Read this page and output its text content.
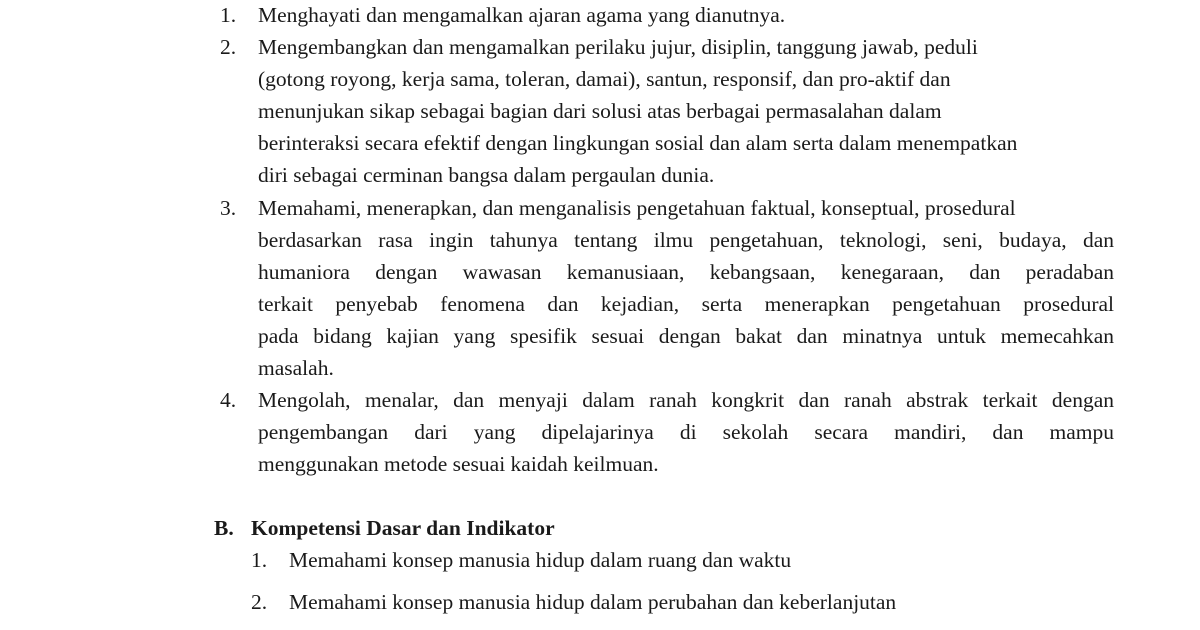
1. Menghayati dan mengamalkan ajaran agama yang dianutnya.
2. Mengembangkan dan mengamalkan perilaku jujur, disiplin, tanggung jawab, peduli
(gotong royong, kerja sama, toleran, damai), santun, responsif, dan pro-aktif dan
menunjukan sikap sebagai bagian dari solusi atas berbagai permasalahan dalam
berinteraksi secara efektif dengan lingkungan sosial dan alam serta dalam menempatkan
diri sebagai cerminan bangsa dalam pergaulan dunia.
3. Memahami, menerapkan, dan menganalisis pengetahuan faktual, konseptual, prosedural
berdasarkan rasa ingin tahunya tentang ilmu pengetahuan, teknologi, seni, budaya, dan
humaniora dengan wawasan kemanusiaan, kebangsaan, kenegaraan, dan peradaban
terkait penyebab fenomena dan kejadian, serta menerapkan pengetahuan prosedural
pada bidang kajian yang spesifik sesuai dengan bakat dan minatnya untuk memecahkan
masalah.
4. Mengolah, menalar, dan menyaji dalam ranah kongkrit dan ranah abstrak terkait dengan
pengembangan dari yang dipelajarinya di sekolah secara mandiri, dan mampu
menggunakan metode sesuai kaidah keilmuan.
B. Kompetensi Dasar dan Indikator
1. Memahami konsep manusia hidup dalam ruang dan waktu
2. Memahami konsep manusia hidup dalam perubahan dan keberlanjutan
